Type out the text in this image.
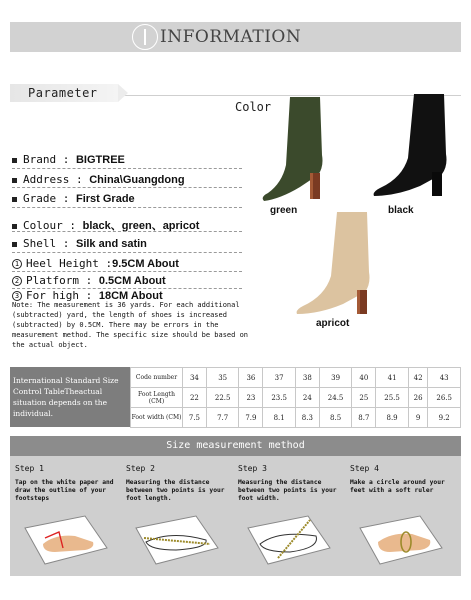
INFORMATION
Parameter
Color
Brand : BIGTREE
Address : China\Guangdong
Grade : First Grade
Colour : black、green、apricot
Shell : Silk and satin
1 Heel Height :9.5CM About
2 Platform : 0.5CM About
3 For high : 18CM About
Note: The measurement is 36 yards. For each additional (subtracted) yard, the length of shoes is increased (subtracted) by 0.5CM. There may be errors in the measurement method. The specific size should be based on the actual object.
green	black
apricot
International Standard Size Control TableTheactual situation depends on the individual.
Code number	34	35	36	37	38	39	40	41	42	43
Foot Length (CM)	22	22.5	23	23.5	24	24.5	25	25.5	26	26.5
Foot width (CM)	7.5	7.7	7.9	8.1	8.3	8.5	8.7	8.9	9	9.2
Size measurement method
Step 1
Tap on the white paper and draw the outline of your footsteps
Step 2
Measuring the distance between two points is your foot length.
Step 3
Measuring the distance between two points is your foot width.
Step 4
Make a circle around your feet with a soft ruler
